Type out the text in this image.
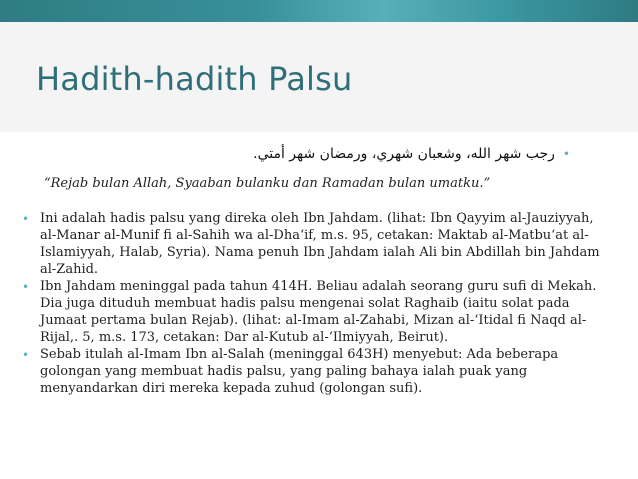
Hadith-hadith Palsu
رجب شهر الله، وشعبان شهري، ورمضان شهر أمتي. •
“Rejab bulan Allah, Syaaban bulanku dan Ramadan bulan umatku.”
• Ini adalah hadis palsu yang direka oleh Ibn Jahdam. (lihat: Ibn Qayyim al-Jauziyyah, al-Manar al-Munif fi al-Sahih wa al-Dha‘if, m.s. 95, cetakan: Maktab al-Matbu‘at al-Islamiyyah, Halab, Syria). Nama penuh Ibn Jahdam ialah Ali bin Abdillah bin Jahdam al-Zahid.
• Ibn Jahdam meninggal pada tahun 414H. Beliau adalah seorang guru sufi di Mekah. Dia juga dituduh membuat hadis palsu mengenai solat Raghaib (iaitu solat pada Jumaat pertama bulan Rejab). (lihat: al-Imam al-Zahabi, Mizan al-‘Itidal fi Naqd al-Rijal,. 5, m.s. 173, cetakan: Dar al-Kutub al-‘Ilmiyyah, Beirut).
• Sebab itulah al-Imam Ibn al-Salah (meninggal 643H) menyebut: Ada beberapa golongan yang membuat hadis palsu, yang paling bahaya ialah puak yang menyandarkan diri mereka kepada zuhud (golongan sufi).
